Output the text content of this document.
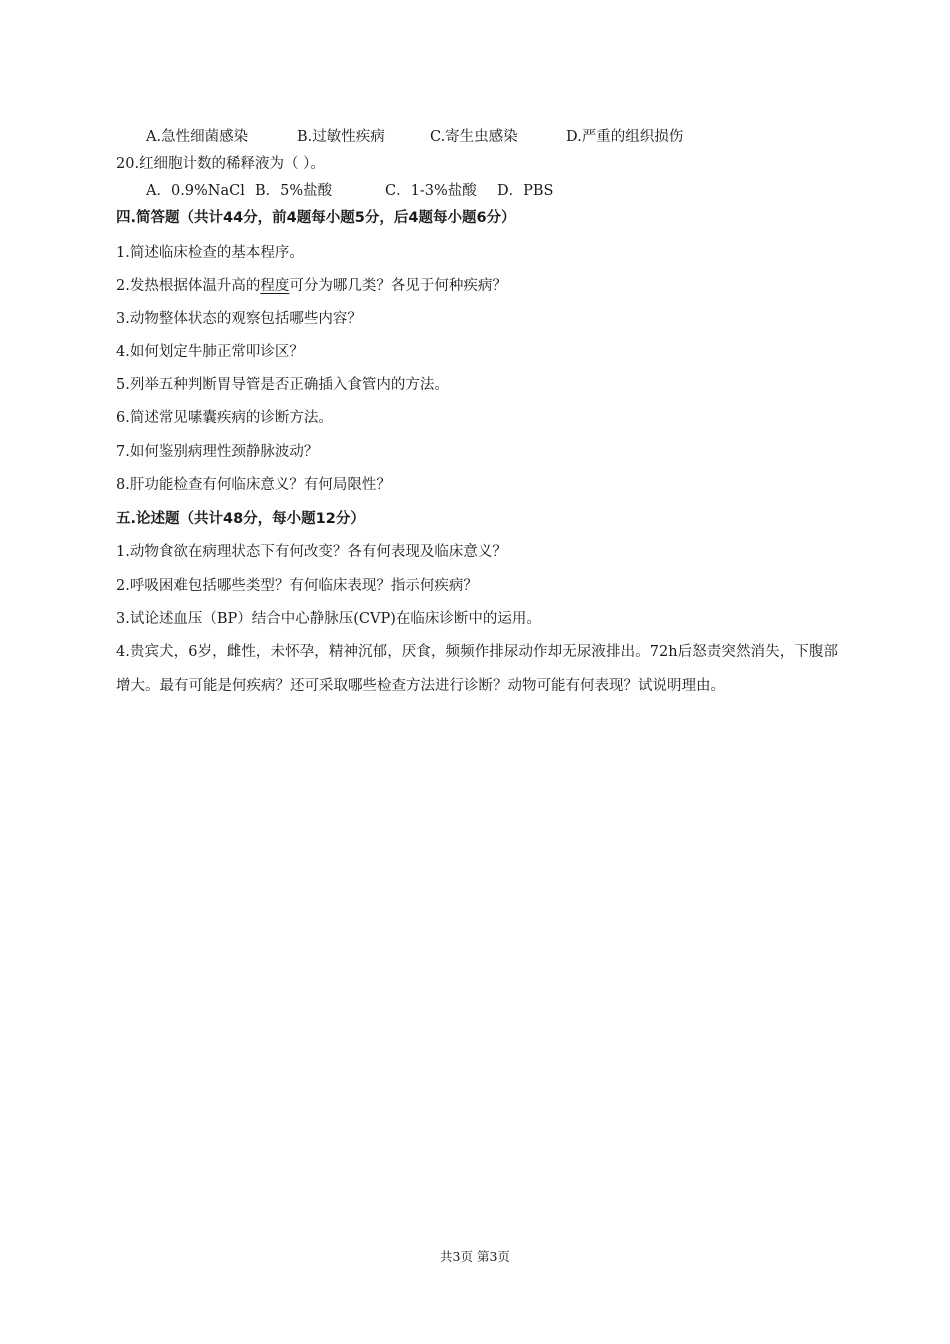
A.急性细菌感染	B.过敏性疾病	C.寄生虫感染	D.严重的组织损伤
20.红细胞计数的稀释液为（ ）。
A．0.9%NaCl B．5%盐酸	C．1-3%盐酸 D．PBS
四.简答题（共计44分，前4题每小题5分，后4题每小题6分）
1.简述临床检查的基本程序。
2.发热根据体温升高的程度可分为哪几类？各见于何种疾病？
3.动物整体状态的观察包括哪些内容？
4.如何划定牛肺正常叩诊区？
5.列举五种判断胃导管是否正确插入食管内的方法。
6.简述常见嗉囊疾病的诊断方法。
7.如何鉴别病理性颈静脉波动？
8.肝功能检查有何临床意义？有何局限性？
五.论述题（共计48分，每小题12分）
1.动物食欲在病理状态下有何改变？各有何表现及临床意义？
2.呼吸困难包括哪些类型？有何临床表现？指示何疾病？
3.试论述血压（BP）结合中心静脉压(CVP)在临床诊断中的运用。
4.贵宾犬，6岁，雌性，未怀孕，精神沉郁，厌食，频频作排尿动作却无尿液排出。72h后怒责突然消失，下腹部增大。最有可能是何疾病？还可采取哪些检查方法进行诊断？动物可能有何表现？试说明理由。
共3页 第3页
